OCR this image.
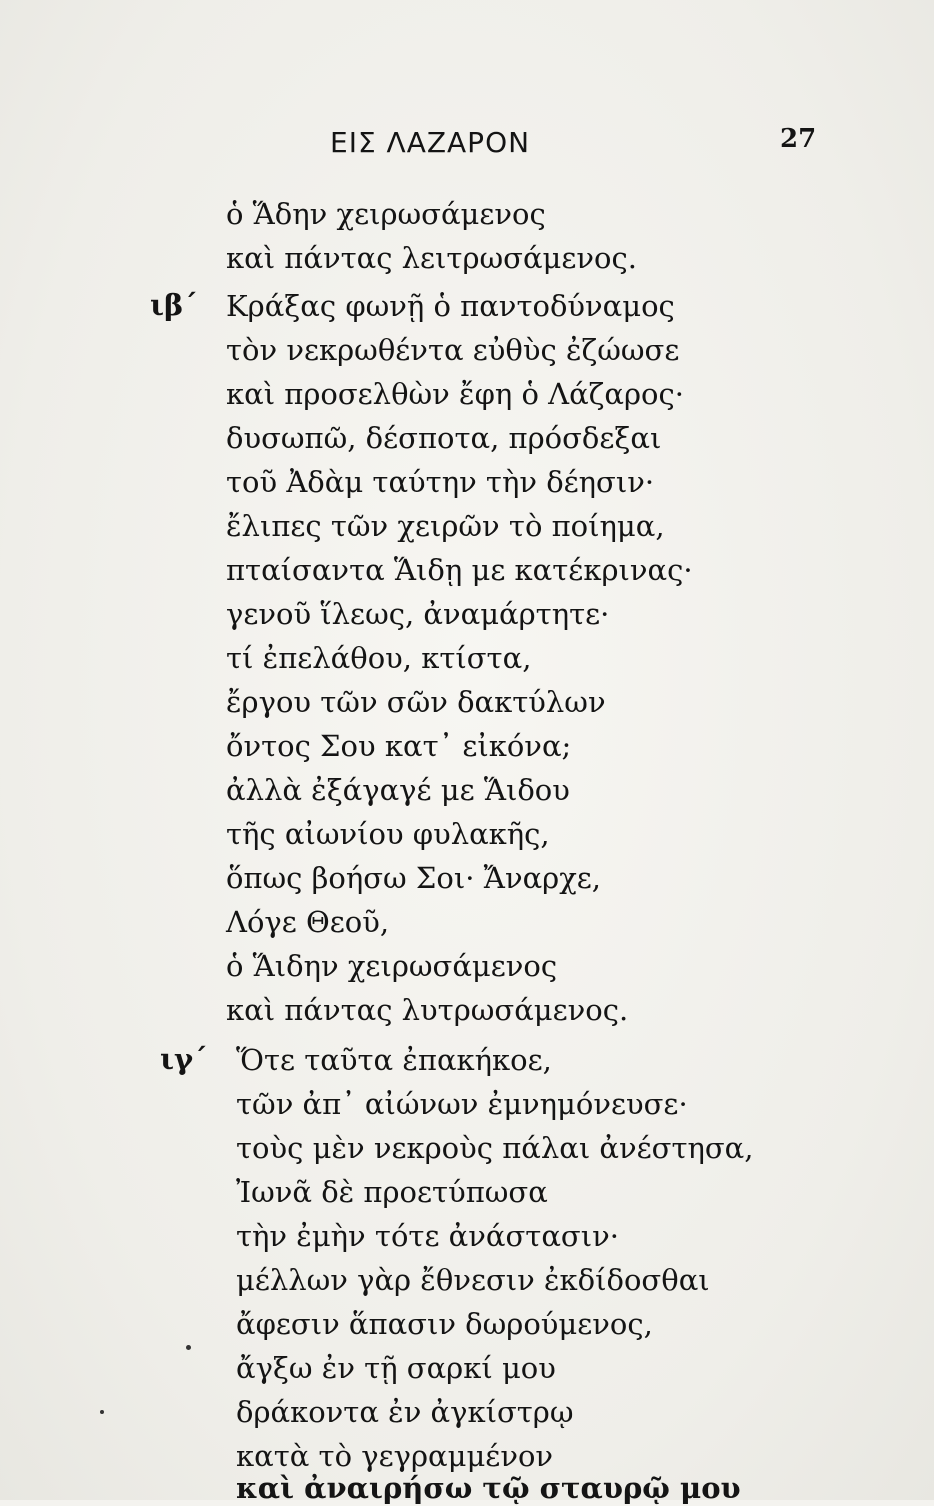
ΕΙΣ ΛΑΖΑΡΟΝ	27
ὁ Ἅδην χειρωσάμενος
καὶ πάντας λειτρωσάμενος.
ιβ΄ Κράξας φωνῇ ὁ παντοδύναμος
τὸν νεκρωθέντα εὐθὺς ἐζώωσε
καὶ προσελθὼν ἔφη ὁ Λάζαρος·
δυσωπῶ, δέσποτα, πρόσδεξαι
τοῦ Ἀδὰμ ταύτην τὴν δέησιν·
ἔλιπες τῶν χειρῶν τὸ ποίημα,
πταίσαντα Ἅιδῃ με κατέκρινας·
γενοῦ ἵλεως, ἀναμάρτητε·
τί ἐπελάθου, κτίστα,
ἔργου τῶν σῶν δακτύλων
ὄντος Σου κατ᾽ εἰκόνα;
ἀλλὰ ἐξάγαγέ με Ἅιδου
τῆς αἰωνίου φυλακῆς,
ὅπως βοήσω Σοι· Ἄναρχε,
Λόγε Θεοῦ,
ὁ Ἅιδην χειρωσάμενος
καὶ πάντας λυτρωσάμενος.
ιγ΄ Ὅτε ταῦτα ἐπακήκοε,
τῶν ἀπ᾽ αἰώνων ἐμνημόνευσε·
τοὺς μὲν νεκροὺς πάλαι ἀνέστησα,
Ἰωνᾶ δὲ προετύπωσα
τὴν ἐμὴν τότε ἀνάστασιν·
μέλλων γὰρ ἔθνεσιν ἐκδίδοσθαι
ἄφεσιν ἅπασιν δωρούμενος,
ἄγξω ἐν τῇ σαρκί μου
δράκοντα ἐν ἀγκίστρῳ
κατὰ τὸ γεγραμμένον
καὶ ἀναιρήσω τῷ σταυρῷ μου
